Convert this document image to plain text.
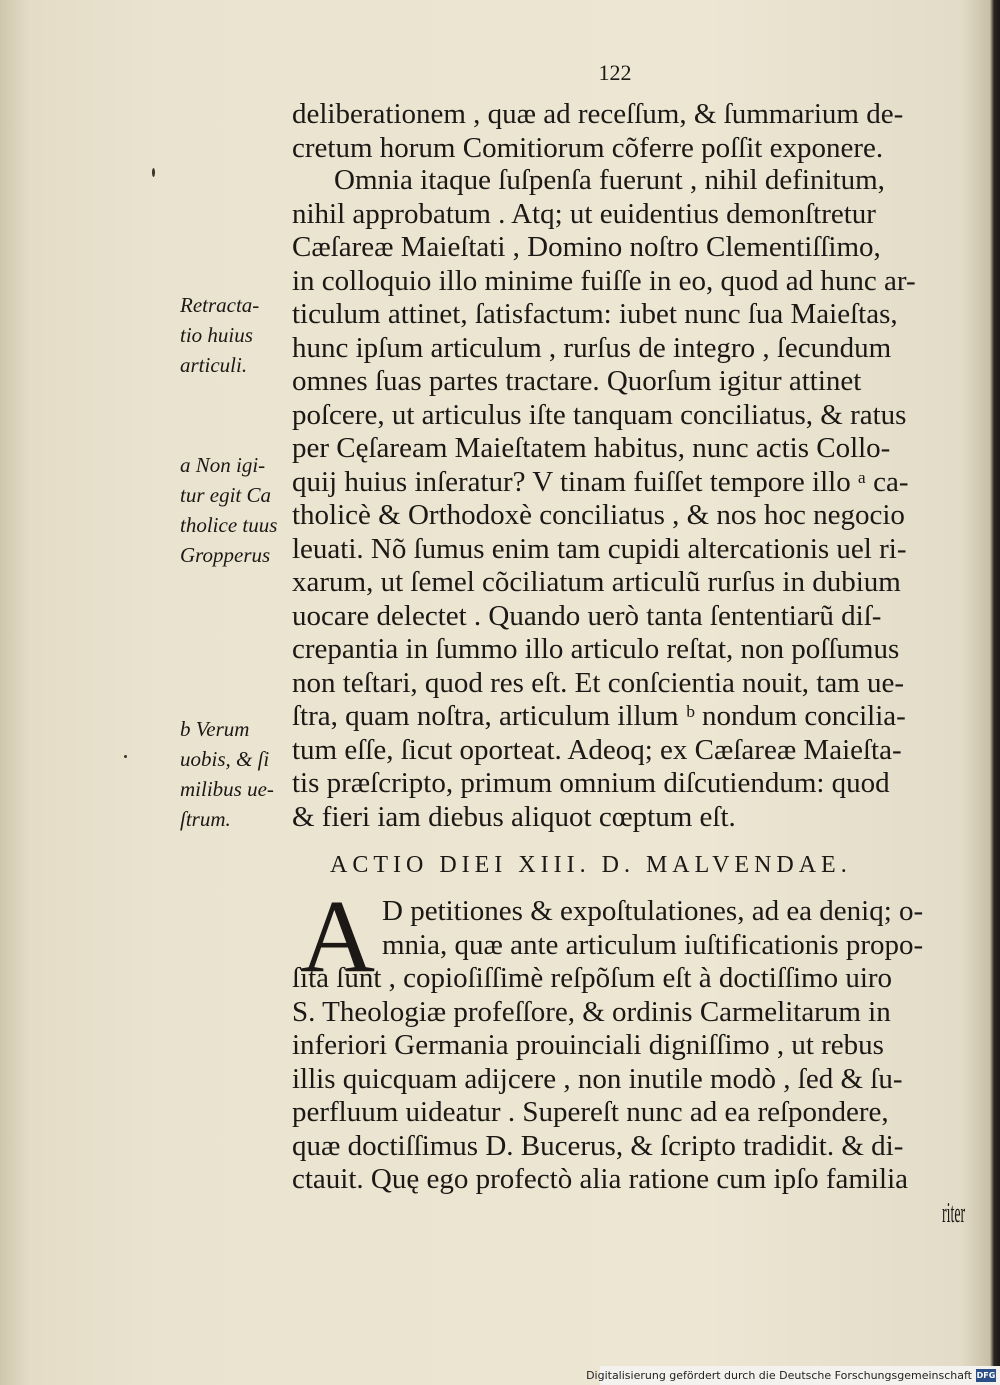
122
deliberationem , quæ ad receſſum, & ſummarium de-
cretum horum Comitiorum cõferre poſſit exponere.
Omnia itaque ſuſpenſa fuerunt , nihil definitum,
nihil approbatum . Atq; ut euidentius demonſtretur
Cæſareæ Maieſtati , Domino noſtro Clementiſſimo,
in colloquio illo minime fuiſſe in eo, quod ad hunc ar-
ticulum attinet, ſatisfactum: iubet nunc ſua Maieſtas,
hunc ipſum articulum , rurſus de integro , ſecundum
omnes ſuas partes tractare. Quorſum igitur attinet
poſcere, ut articulus iſte tanquam conciliatus, & ratus
per Cęſaream Maieſtatem habitus, nunc actis Collo-
quij huius inſeratur? V tinam fuiſſet tempore illo ᵃ ca-
tholicè & Orthodoxè conciliatus , & nos hoc negocio
leuati. Nõ ſumus enim tam cupidi altercationis uel ri-
xarum, ut ſemel cõciliatum articulũ rurſus in dubium
uocare delectet . Quando uerò tanta ſententiarũ diſ-
crepantia in ſummo illo articulo reſtat, non poſſumus
non teſtari, quod res eſt. Et conſcientia nouit, tam ue-
ſtra, quam noſtra, articulum illum ᵇ nondum concilia-
tum eſſe, ſicut oporteat. Adeoq; ex Cæſareæ Maieſta-
tis præſcripto, primum omnium diſcutiendum: quod
& fieri iam diebus aliquot cœptum eſt.
Retracta-
tio huius
articuli.
a Non igi-
tur egit Ca
tholice tuus
Gropperus
b Verum
uobis, & ſi
milibus ue-
ſtrum.
ACTIO DIEI XIII. D. MALVENDAE.
A D petitiones & expoſtulationes, ad ea deniq; o-
mnia, quæ ante articulum iuſtificationis propo-
ſita ſunt , copioſiſſimè reſpõſum eſt à doctiſſimo uiro
S. Theologiæ profeſſore, & ordinis Carmelitarum in
inferiori Germania prouinciali digniſſimo , ut rebus
illis quicquam adijcere , non inutile modò , ſed & ſu-
perfluum uideatur . Supereſt nunc ad ea reſpondere,
quæ doctiſſimus D. Bucerus, & ſcripto tradidit. & di-
ctauit. Quę ego profectò alia ratione cum ipſo familia
riter
Digitalisierung gefördert durch die Deutsche Forschungsgemeinschaft DFG
